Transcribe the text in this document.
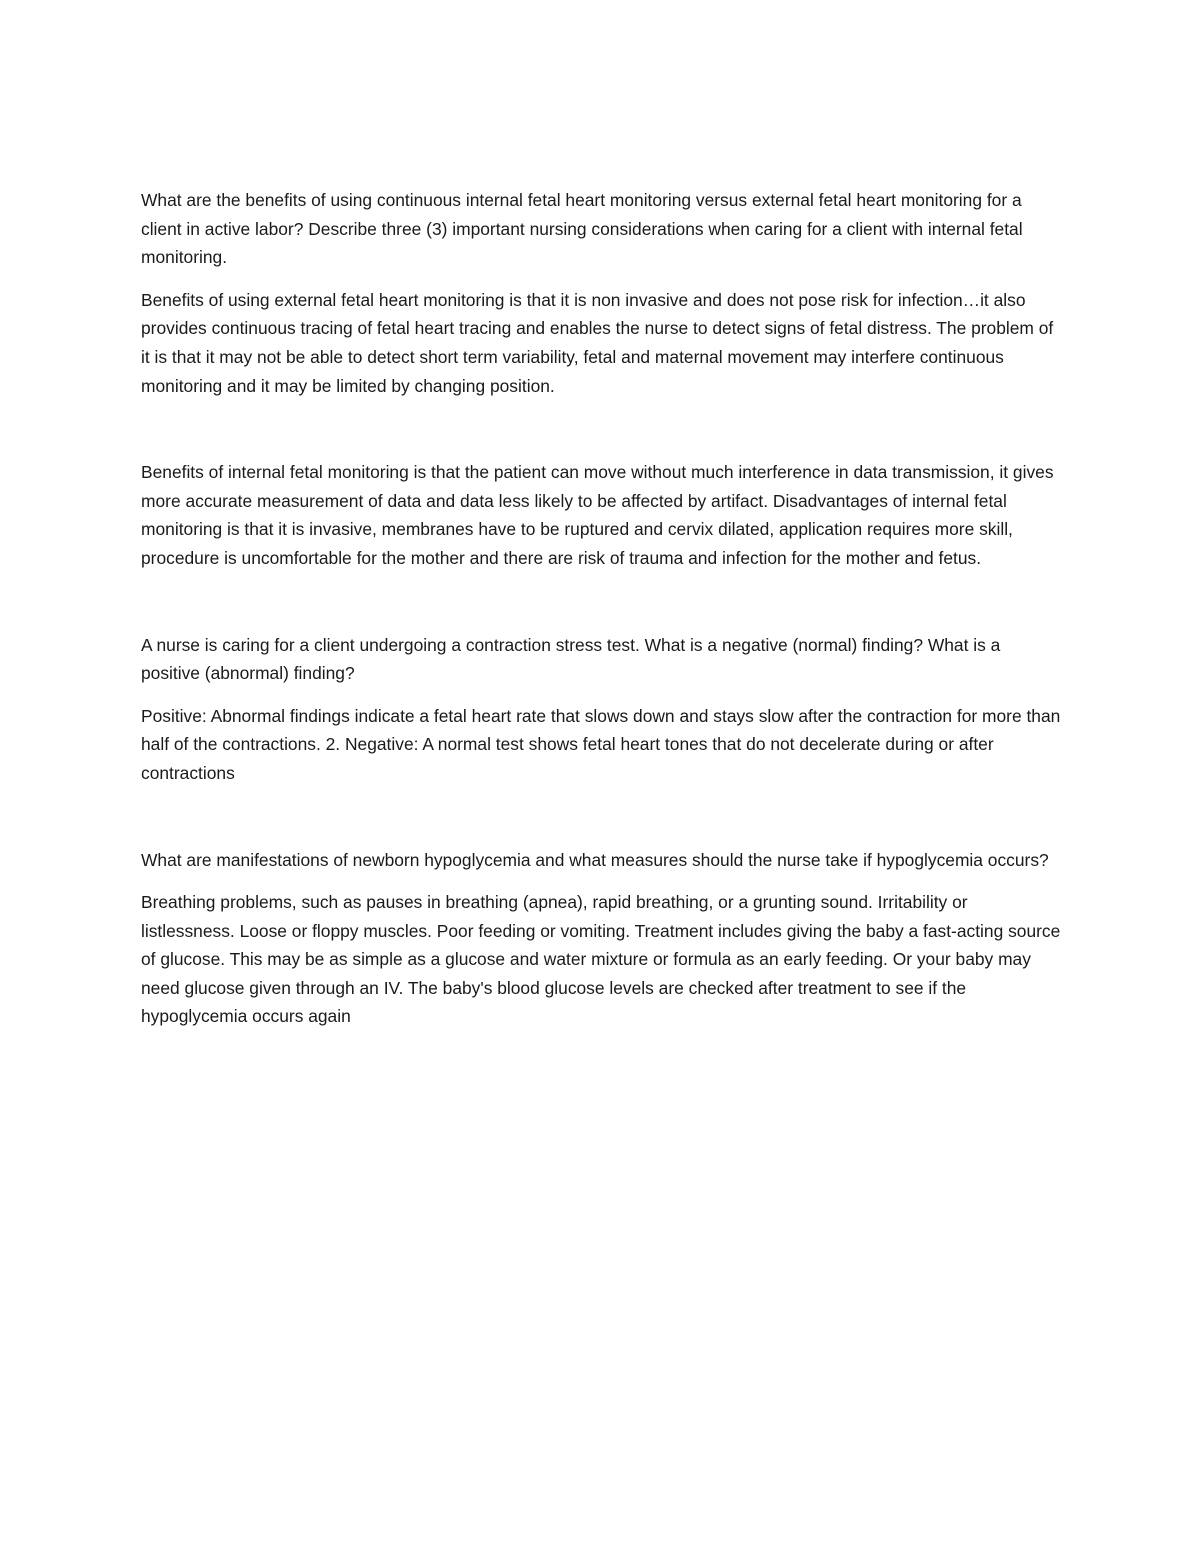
What are the benefits of using continuous internal fetal heart monitoring versus external fetal heart monitoring for a client in active labor? Describe three (3) important nursing considerations when caring for a client with internal fetal monitoring.

Benefits of using external fetal heart monitoring is that it is non invasive and does not pose risk for infection…it also provides continuous tracing of fetal heart tracing and enables the nurse to detect signs of fetal distress. The problem of it is that it may not be able to detect short term variability, fetal and maternal movement may interfere continuous monitoring and it may be limited by changing position.

Benefits of internal fetal monitoring is that the patient can move without much interference in data transmission, it gives more accurate measurement of data and data less likely to be affected by artifact. Disadvantages of internal fetal monitoring is that it is invasive, membranes have to be ruptured and cervix dilated, application requires more skill, procedure is uncomfortable for the mother and there are risk of trauma and infection for the mother and fetus.

A nurse is caring for a client undergoing a contraction stress test. What is a negative (normal) finding? What is a positive (abnormal) finding?

Positive: Abnormal findings indicate a fetal heart rate that slows down and stays slow after the contraction for more than half of the contractions. 2. Negative: A normal test shows fetal heart tones that do not decelerate during or after contractions

What are manifestations of newborn hypoglycemia and what measures should the nurse take if hypoglycemia occurs?

Breathing problems, such as pauses in breathing (apnea), rapid breathing, or a grunting sound. Irritability or listlessness. Loose or floppy muscles. Poor feeding or vomiting. Treatment includes giving the baby a fast-acting source of glucose. This may be as simple as a glucose and water mixture or formula as an early feeding. Or your baby may need glucose given through an IV. The baby's blood glucose levels are checked after treatment to see if the hypoglycemia occurs again
